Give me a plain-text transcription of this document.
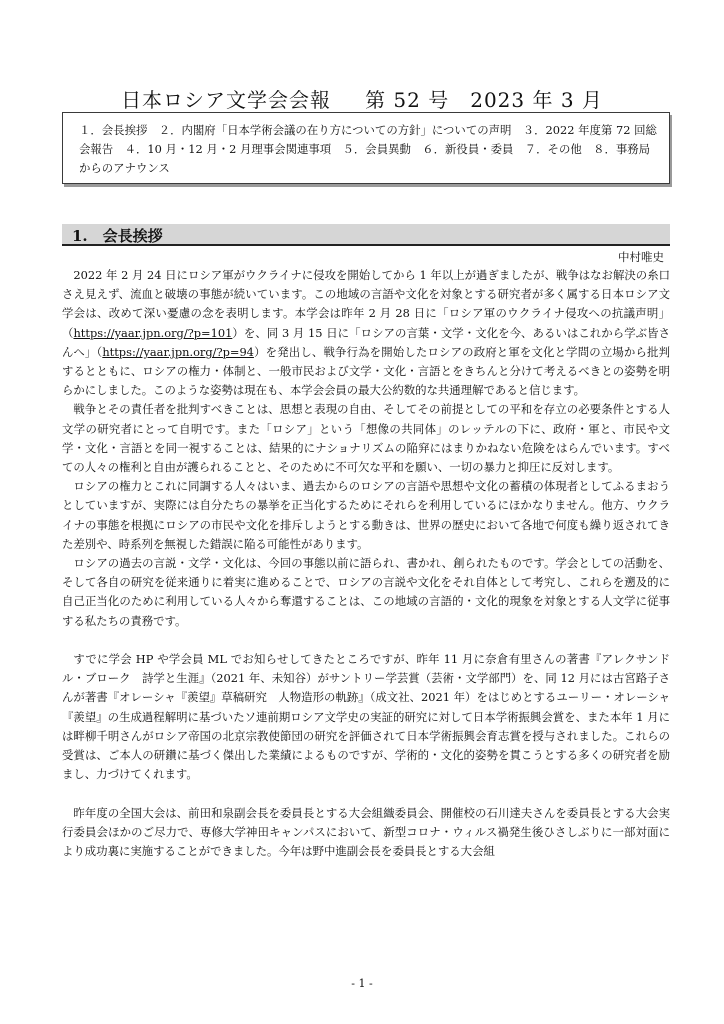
日本ロシア文学会会報 第 52 号　2023 年 3 月
１．会長挨拶　２．内閣府「日本学術会議の在り方についての方針」についての声明　３．2022 年度第 72 回総会報告　４．10 月・12 月・2 月理事会関連事項　５．会員異動　６．新役員・委員　７．その他　８．事務局からのアナウンス
1.　会長挨拶
中村唯史

2022 年 2 月 24 日にロシア軍がウクライナに侵攻を開始してから 1 年以上が過ぎましたが、戦争はなお解決の糸口さえ見えず、流血と破壊の事態が続いています。この地域の言語や文化を対象とする研究者が多く属する日本ロシア文学会は、改めて深い憂慮の念を表明します。本学会は昨年 2 月 28 日に「ロシア軍のウクライナ侵攻への抗議声明」（https://yaar.jpn.org/?p=101）を、同 3 月 15 日に「ロシアの言葉・文学・文化を今、あるいはこれから学ぶ皆さんへ」（https://yaar.jpn.org/?p=94）を発出し、戦争行為を開始したロシアの政府と軍を文化と学問の立場から批判するとともに、ロシアの権力・体制と、一般市民および文学・文化・言語とをきちんと分けて考えるべきとの姿勢を明らかにしました。このような姿勢は現在も、本学会会員の最大公約数的な共通理解であると信じます。

戦争とその責任者を批判すべきことは、思想と表現の自由、そしてその前提としての平和を存立の必要条件とする人文学の研究者にとって自明です。また「ロシア」という「想像の共同体」のレッテルの下に、政府・軍と、市民や文学・文化・言語とを同一視することは、結果的にナショナリズムの陥穽にはまりかねない危険をはらんでいます。すべての人々の権利と自由が護られることと、そのために不可欠な平和を願い、一切の暴力と抑圧に反対します。

ロシアの権力とこれに同調する人々はいま、過去からのロシアの言語や思想や文化の蓄積の体現者としてふるまおうとしていますが、実際には自分たちの暴挙を正当化するためにそれらを利用しているにほかなりません。他方、ウクライナの事態を根拠にロシアの市民や文化を排斥しようとする動きは、世界の歴史において各地で何度も繰り返されてきた差別や、時系列を無視した錯誤に陥る可能性があります。

ロシアの過去の言説・文学・文化は、今回の事態以前に語られ、書かれ、創られたものです。学会としての活動を、そして各自の研究を従来通りに着実に進めることで、ロシアの言説や文化をそれ自体として考究し、これらを遡及的に自己正当化のために利用している人々から奪還することは、この地域の言語的・文化的現象を対象とする人文学に従事する私たちの責務です。

すでに学会 HP や学会員 ML でお知らせしてきたところですが、昨年 11 月に奈倉有里さんの著書『アレクサンドル・ブローク　詩学と生涯』（2021 年、未知谷）がサントリー学芸賞（芸術・文学部門）を、同 12 月には古宮路子さんが著書『オレーシャ『羨望』草稿研究　人物造形の軌跡』（成文社、2021 年）をはじめとするユーリー・オレーシャ『羨望』の生成過程解明に基づいたソ連前期ロシア文学史の実証的研究に対して日本学術振興会賞を、また本年 1 月には畔柳千明さんがロシア帝国の北京宗教使節団の研究を評価されて日本学術振興会育志賞を授与されました。これらの受賞は、ご本人の研鑽に基づく傑出した業績によるものですが、学術的・文化的姿勢を貫こうとする多くの研究者を励まし、力づけてくれます。

昨年度の全国大会は、前田和泉副会長を委員長とする大会組織委員会、開催校の石川達夫さんを委員長とする大会実行委員会ほかのご尽力で、専修大学神田キャンパスにおいて、新型コロナ・ウィルス禍発生後ひさしぶりに一部対面により成功裏に実施することができました。今年は野中進副会長を委員長とする大会組

- 1 -
